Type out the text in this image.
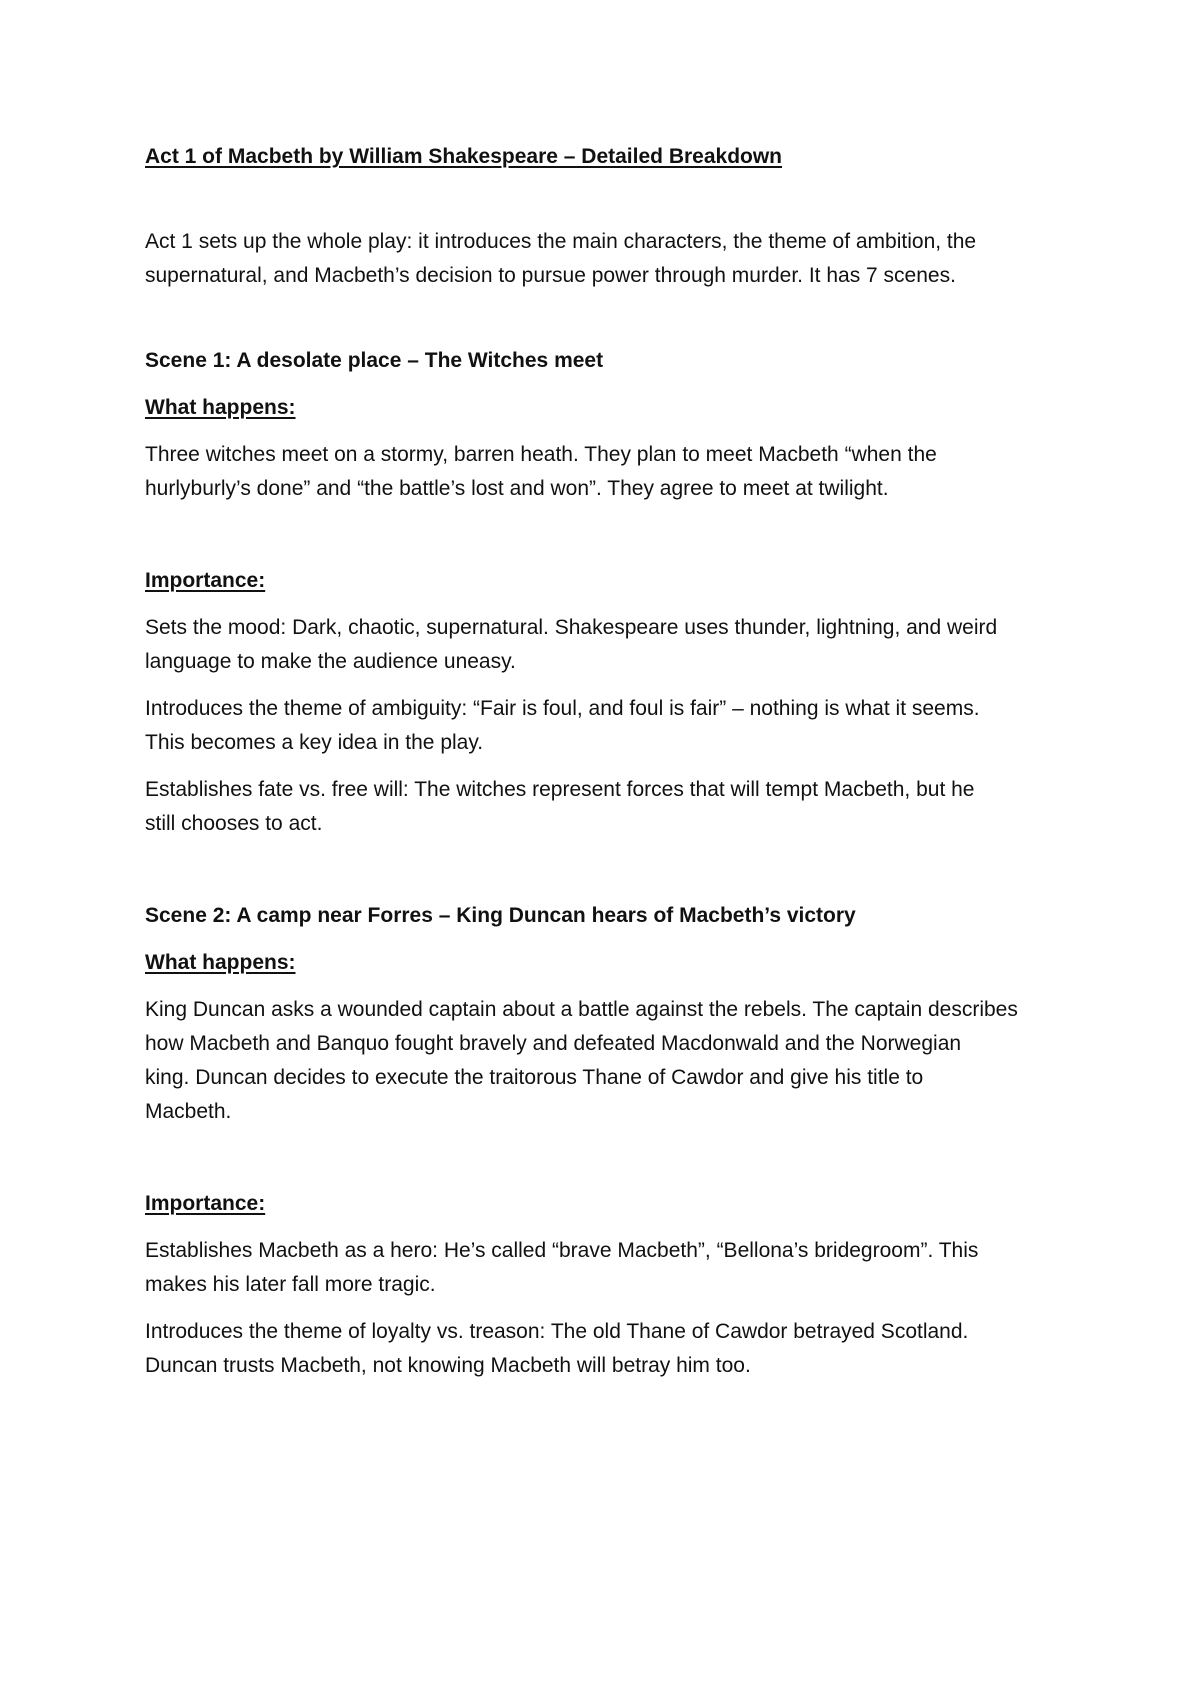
Act 1 of Macbeth by William Shakespeare – Detailed Breakdown

Act 1 sets up the whole play: it introduces the main characters, the theme of ambition, the

supernatural, and Macbeth’s decision to pursue power through murder. It has 7 scenes.

Scene 1: A desolate place – The Witches meet

What happens:

Three witches meet on a stormy, barren heath. They plan to meet Macbeth “when the

hurlyburly’s done” and “the battle’s lost and won”. They agree to meet at twilight.

Importance:

Sets the mood: Dark, chaotic, supernatural. Shakespeare uses thunder, lightning, and weird

language to make the audience uneasy.

Introduces the theme of ambiguity: “Fair is foul, and foul is fair” – nothing is what it seems.

This becomes a key idea in the play.

Establishes fate vs. free will: The witches represent forces that will tempt Macbeth, but he

still chooses to act.

Scene 2: A camp near Forres – King Duncan hears of Macbeth’s victory

What happens:

King Duncan asks a wounded captain about a battle against the rebels. The captain describes

how Macbeth and Banquo fought bravely and defeated Macdonwald and the Norwegian

king. Duncan decides to execute the traitorous Thane of Cawdor and give his title to

Macbeth.

Importance:

Establishes Macbeth as a hero: He’s called “brave Macbeth”, “Bellona’s bridegroom”. This

makes his later fall more tragic.

Introduces the theme of loyalty vs. treason: The old Thane of Cawdor betrayed Scotland.

Duncan trusts Macbeth, not knowing Macbeth will betray him too.
